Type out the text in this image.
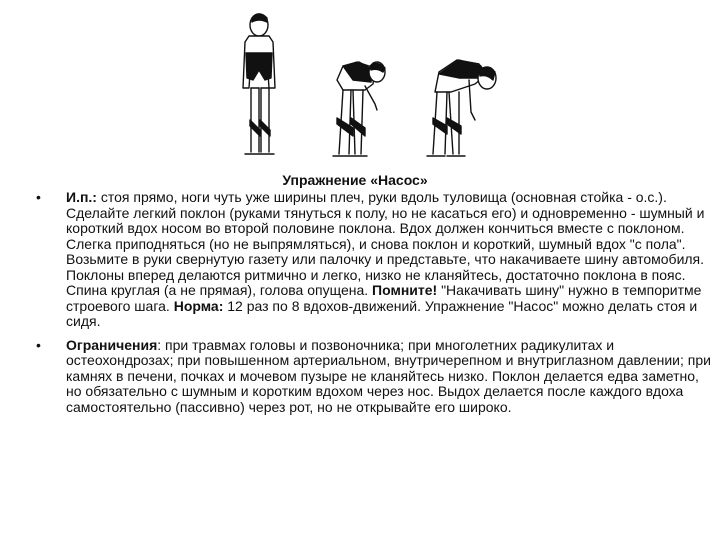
Упражнение «Насос»
• И.п.: стоя прямо, ноги чуть уже ширины плеч, руки вдоль туловища (основная стойка - о.с.). Сделайте легкий поклон (руками тянуться к полу, но не касаться его) и одновременно - шумный и короткий вдох носом во второй половине поклона. Вдох должен кончиться вместе с поклоном. Слегка приподняться (но не выпрямляться), и снова поклон и короткий, шумный вдох "с пола". Возьмите в руки свернутую газету или палочку и представьте, что накачиваете шину автомобиля. Поклоны вперед делаются ритмично и легко, низко не кланяйтесь, достаточно поклона в пояс. Спина круглая (а не прямая), голова опущена. Помните! "Накачивать шину" нужно в темпоритме строевого шага. Норма: 12 раз по 8 вдохов-движений. Упражнение "Насос" можно делать стоя и сидя.
• Ограничения: при травмах головы и позвоночника; при многолетних радикулитах и остеохондрозах; при повышенном артериальном, внутричерепном и внутриглазном давлении; при камнях в печени, почках и мочевом пузыре не кланяйтесь низко. Поклон делается едва заметно, но обязательно с шумным и коротким вдохом через нос. Выдох делается после каждого вдоха самостоятельно (пассивно) через рот, но не открывайте его широко.
